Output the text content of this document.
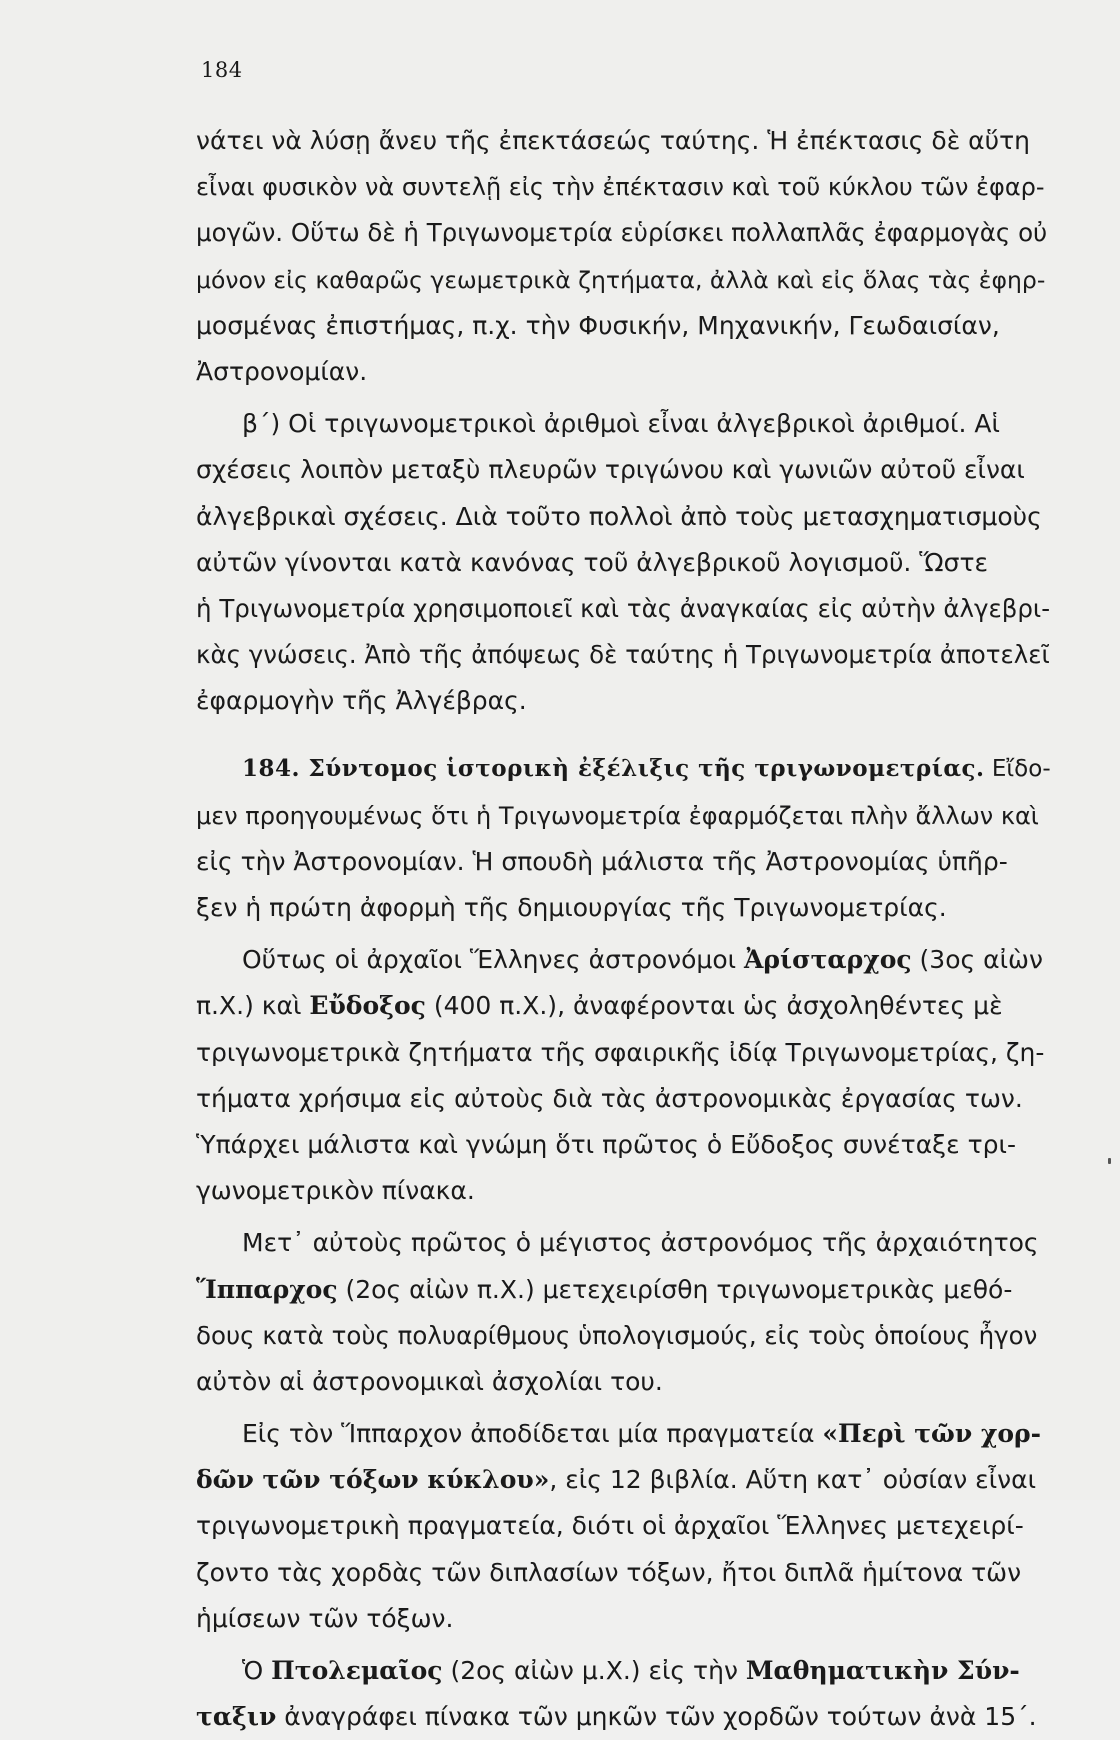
184
νάτει νὰ λύσῃ ἄνευ τῆς ἐπεκτάσεώς ταύτης. Ἡ ἐπέκτασις δὲ αὕτη
εἶναι φυσικὸν νὰ συντελῇ εἰς τὴν ἐπέκτασιν καὶ τοῦ κύκλου τῶν ἐφαρ-
μογῶν. Οὕτω δὲ ἡ Τριγωνομετρία εὑρίσκει πολλαπλᾶς ἐφαρμογὰς οὐ
μόνον εἰς καθαρῶς γεωμετρικὰ ζητήματα, ἀλλὰ καὶ εἰς ὅλας τὰς ἐφηρ-
μοσμένας ἐπιστήμας, π.χ. τὴν Φυσικήν, Μηχανικήν, Γεωδαισίαν,
Ἀστρονομίαν.
β΄) Οἱ τριγωνομετρικοὶ ἀριθμοὶ εἶναι ἀλγεβρικοὶ ἀριθμοί. Αἱ
σχέσεις λοιπὸν μεταξὺ πλευρῶν τριγώνου καὶ γωνιῶν αὐτοῦ εἶναι
ἀλγεβρικαὶ σχέσεις. Διὰ τοῦτο πολλοὶ ἀπὸ τοὺς μετασχηματισμοὺς
αὐτῶν γίνονται κατὰ κανόνας τοῦ ἀλγεβρικοῦ λογισμοῦ. Ὥστε
ἡ Τριγωνομετρία χρησιμοποιεῖ καὶ τὰς ἀναγκαίας εἰς αὐτὴν ἀλγεβρι-
κὰς γνώσεις. Ἀπὸ τῆς ἀπόψεως δὲ ταύτης ἡ Τριγωνομετρία ἀποτελεῖ
ἐφαρμογὴν τῆς Ἀλγέβρας.
184. Σύντομος ἱστορικὴ ἐξέλιξις τῆς τριγωνομετρίας. Εἴδο-
μεν προηγουμένως ὅτι ἡ Τριγωνομετρία ἐφαρμόζεται πλὴν ἄλλων καὶ
εἰς τὴν Ἀστρονομίαν. Ἡ σπουδὴ μάλιστα τῆς Ἀστρονομίας ὑπῆρ-
ξεν ἡ πρώτη ἀφορμὴ τῆς δημιουργίας τῆς Τριγωνομετρίας.
Οὕτως οἱ ἀρχαῖοι Ἕλληνες ἀστρονόμοι Ἀρίσταρχος (3ος αἰὼν
π.Χ.) καὶ Εὔδοξος (400 π.Χ.), ἀναφέρονται ὡς ἀσχοληθέντες μὲ
τριγωνομετρικὰ ζητήματα τῆς σφαιρικῆς ἰδίᾳ Τριγωνομετρίας, ζη-
τήματα χρήσιμα εἰς αὐτοὺς διὰ τὰς ἀστρονομικὰς ἐργασίας των.
Ὑπάρχει μάλιστα καὶ γνώμη ὅτι πρῶτος ὁ Εὔδοξος συνέταξε τρι-
γωνομετρικὸν πίνακα.
Μετ᾽ αὐτοὺς πρῶτος ὁ μέγιστος ἀστρονόμος τῆς ἀρχαιότητος
Ἵππαρχος (2ος αἰὼν π.Χ.) μετεχειρίσθη τριγωνομετρικὰς μεθό-
δους κατὰ τοὺς πολυαρίθμους ὑπολογισμούς, εἰς τοὺς ὁποίους ἦγον
αὐτὸν αἱ ἀστρονομικαὶ ἀσχολίαι του.
Εἰς τὸν Ἵππαρχον ἀποδίδεται μία πραγματεία «Περὶ τῶν χορ-
δῶν τῶν τόξων κύκλου», εἰς 12 βιβλία. Αὕτη κατ᾽ οὐσίαν εἶναι
τριγωνομετρικὴ πραγματεία, διότι οἱ ἀρχαῖοι Ἕλληνες μετεχειρί-
ζοντο τὰς χορδὰς τῶν διπλασίων τόξων, ἤτοι διπλᾶ ἡμίτονα τῶν
ἡμίσεων τῶν τόξων.
Ὁ Πτολεμαῖος (2ος αἰὼν μ.Χ.) εἰς τὴν Μαθηματικὴν Σύν-
ταξιν ἀναγράφει πίνακα τῶν μηκῶν τῶν χορδῶν τούτων ἀνὰ 15΄.
